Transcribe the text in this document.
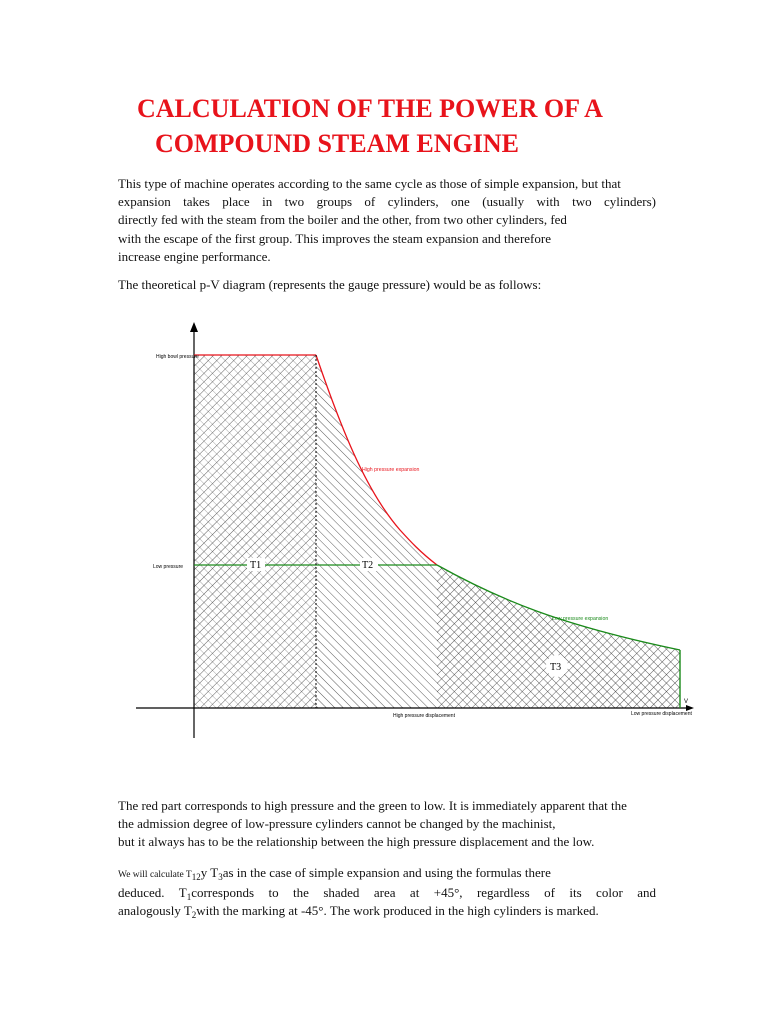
CALCULATION OF THE POWER OF A
COMPOUND STEAM ENGINE
This type of machine operates according to the same cycle as those of simple expansion, but that
expansion takes place in two groups of cylinders, one (usually with two cylinders)
directly fed with the steam from the boiler and the other, from two other cylinders, fed
with the escape of the first group. This improves the steam expansion and therefore
increase engine performance.
The theoretical p-V diagram (represents the gauge pressure) would be as follows:
High bowl pressure
Low pressure
High pressure expansion
Low pressure expansion
High pressure displacement	Low pressure displacement
V
T1	T2
T3
The red part corresponds to high pressure and the green to low. It is immediately apparent that the
the admission degree of low-pressure cylinders cannot be changed by the machinist,
but it always has to be the relationship between the high pressure displacement and the low.
We will calculate $T_{12}y$ $T_3as$ in the case of simple expansion and using the formulas there
deduced. $T_1corresponds$ to the shaded area at +45°, regardless of its color and
analogously $T_2with$ the marking at -45°. The work produced in the high cylinders is marked.
